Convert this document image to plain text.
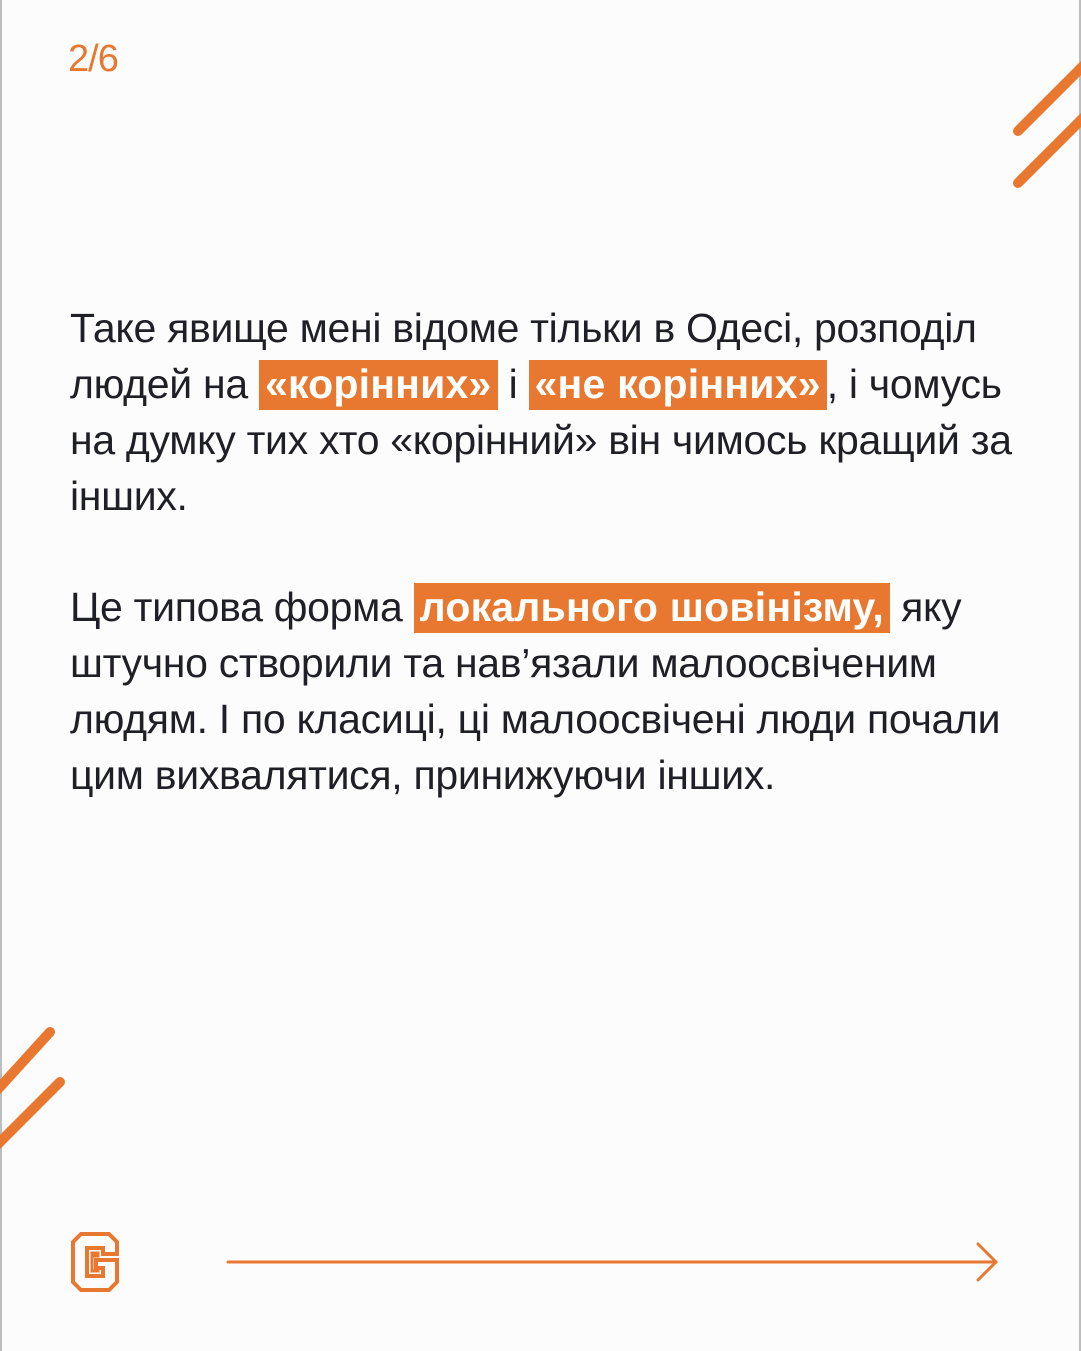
2/6
Таке явище мені відоме тільки в Одесі, розподіл людей на «корінних» і «не корінних» , і чомусь на думку тих хто «корінний» він чимось кращий за інших.
Це типова форма локального шовінізму, яку штучно створили та нав’язали малоосвіченим людям. І по класиці, ці малоосвічені люди почали цим вихвалятися, принижуючи інших.
